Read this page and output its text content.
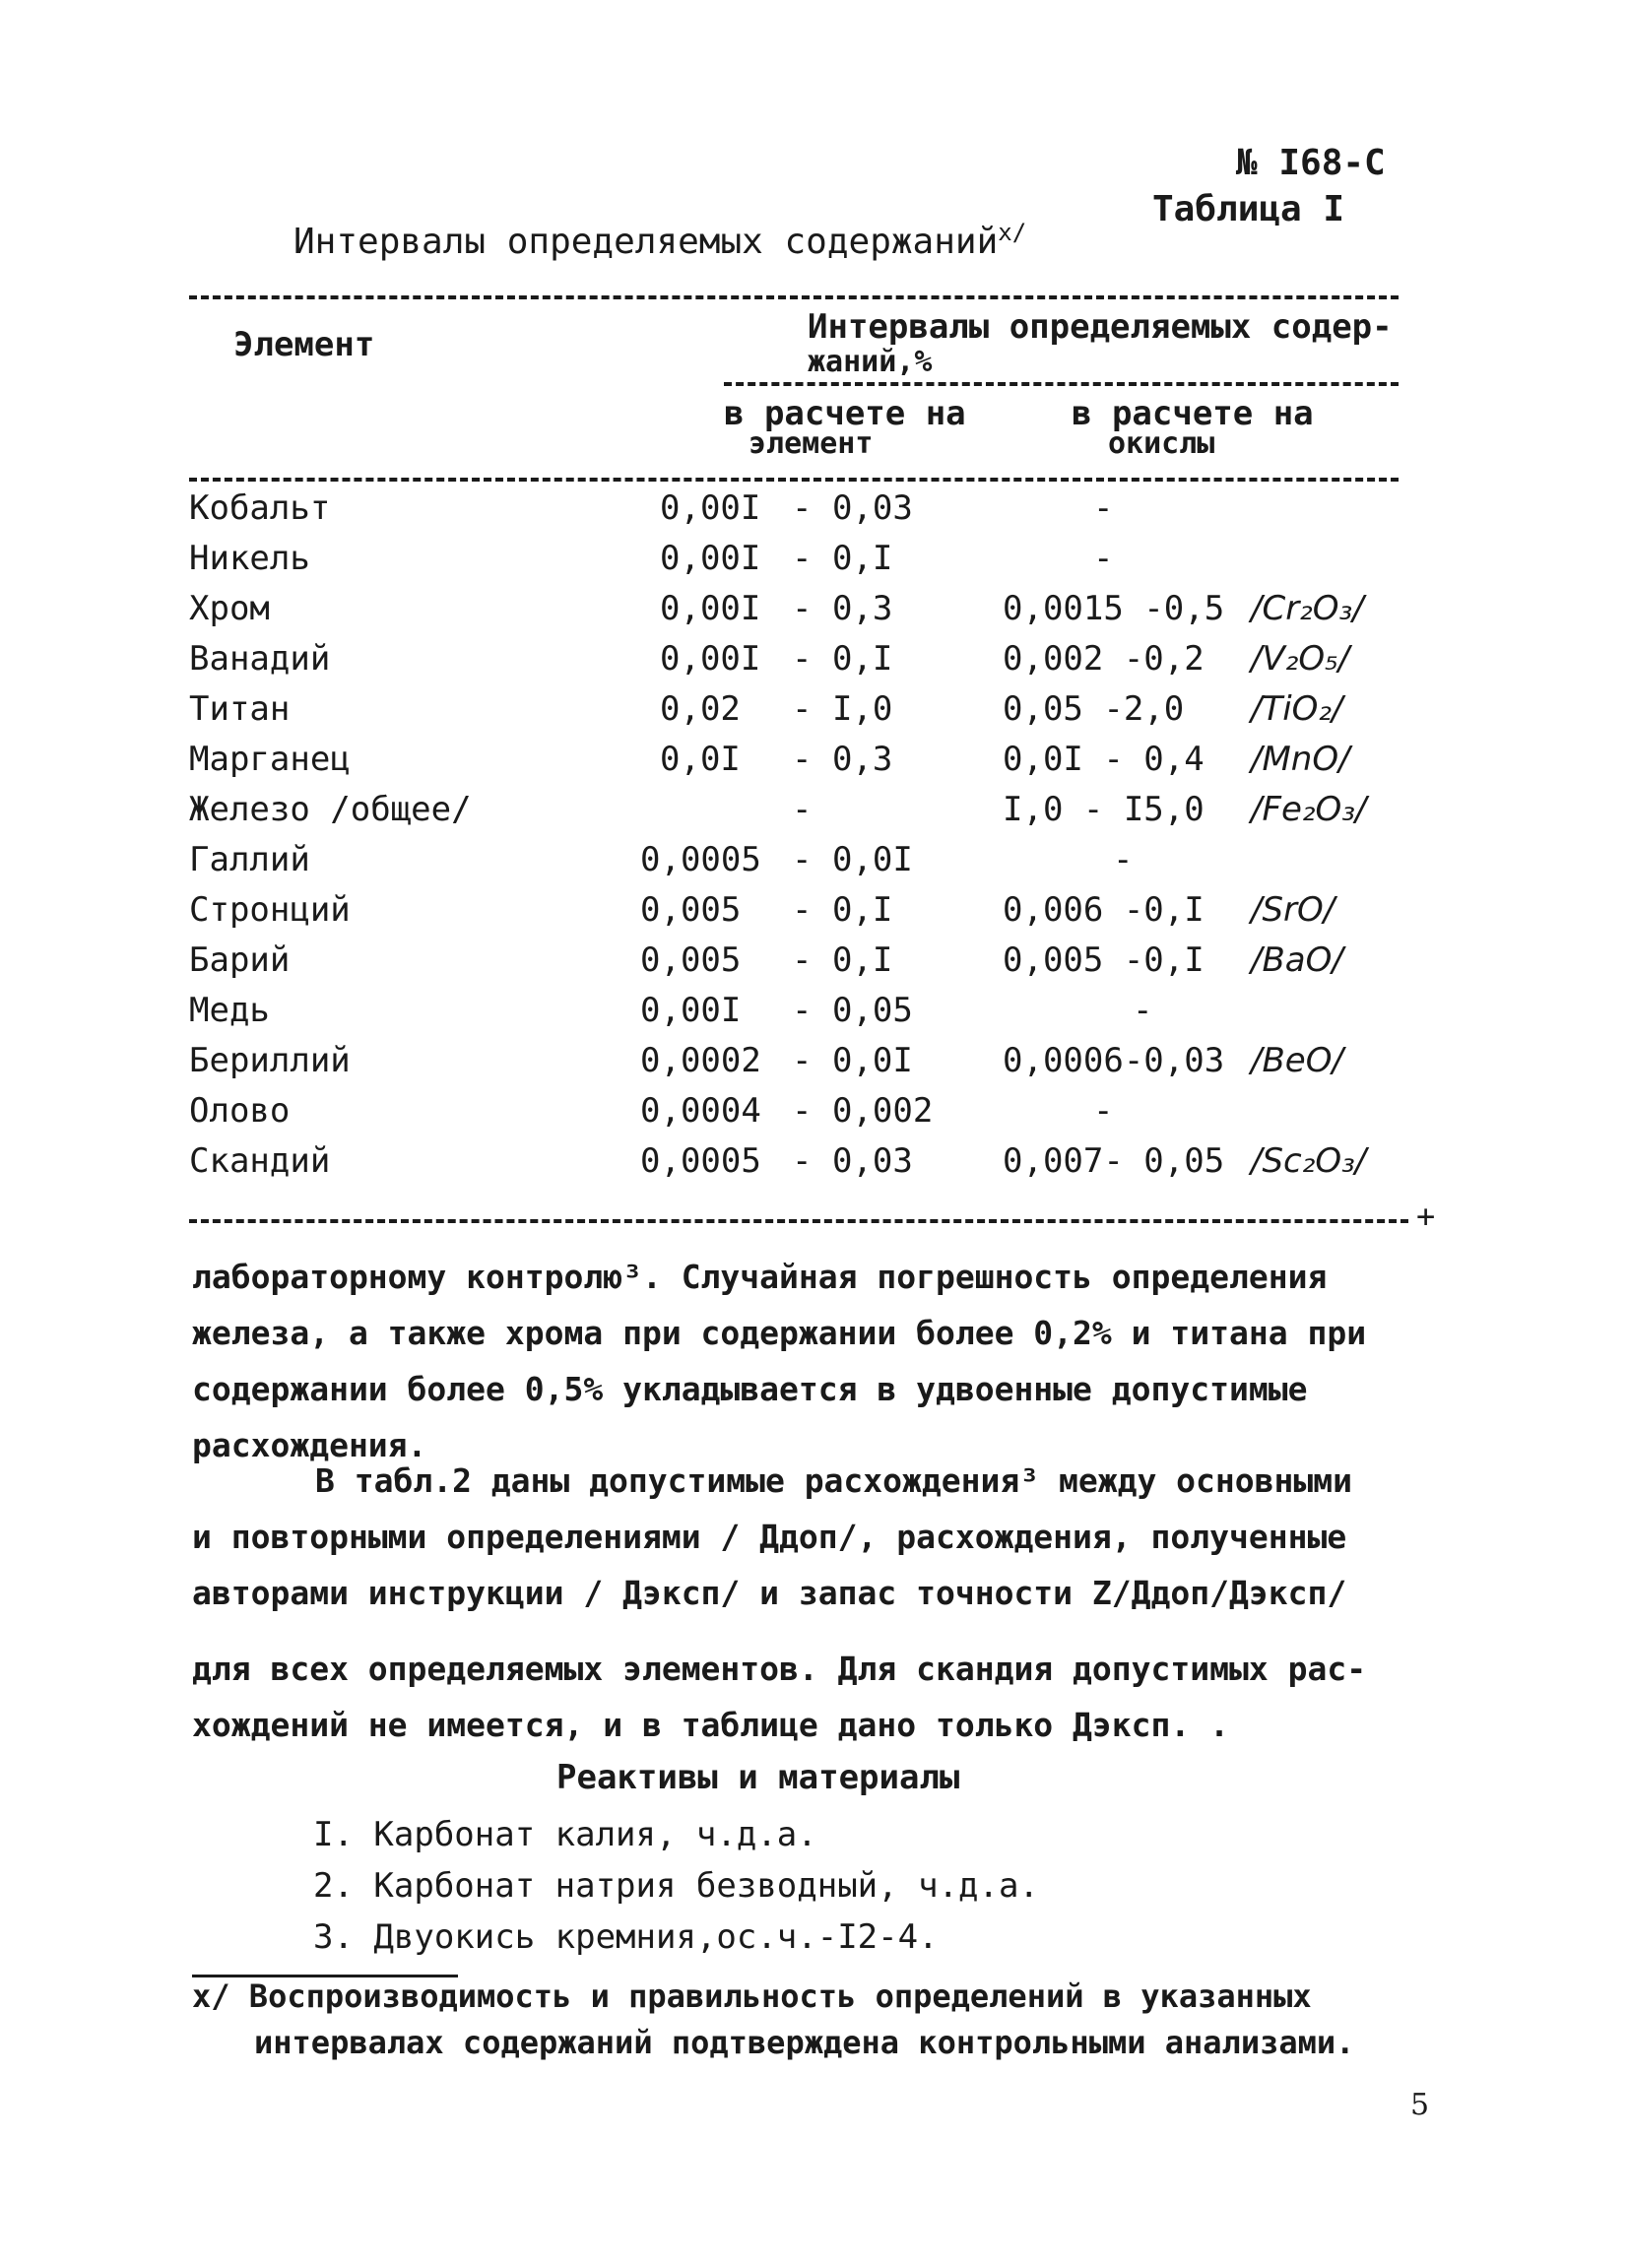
№ I68-С
Таблица I
Интервалы определяемых содержаний$^{x/}$
Элемент	Интервалы определяемых содер-
жаний,%
в расчете на
элемент
в расчете на
окислы
Кобальт	0,00I - 0,03	-
Никель	0,00I - 0,I	-
Хром	0,00I - 0,3	0,0015 -0,5 /Cr₂O₃/
Ванадий	0,00I - 0,I	0,002 -0,2 /V₂O₅/
Титан	0,02 - I,0	0,05 -2,0 /TiO₂/
Марганец	0,0I - 0,3	0,0I - 0,4 /MnO/
Железо /общее/	-	I,0 - I5,0 /Fe₂O₃/
Галлий	0,0005 - 0,0I	-
Стронций	0,005 - 0,I	0,006 -0,I /SrO/
Барий	0,005 - 0,I	0,005 -0,I /BaO/
Медь	0,00I - 0,05	-
Бериллий	0,0002 - 0,0I	0,0006-0,03 /BeO/
Олово	0,0004 - 0,002	-
Скандий	0,0005 - 0,03	0,007- 0,05 /Sc₂O₃/
+

лабораторному контролю³. Случайная погрешность определения

железа, а также хрома при содержании более 0,2% и титана при

содержании более 0,5% укладывается в удвоенные допустимые

расхождения.

В табл.2 даны допустимые расхождения³ между основными

и повторными определениями / Ддоп/, расхождения, полученные

авторами инструкции / Дэксп/ и запас точности Z/Ддоп/Дэксп/

для всех определяемых элементов. Для скандия допустимых рас-

хождений не имеется, и в таблице дано только Дэксп. .

Реактивы и материалы
I. Карбонат калия, ч.д.а.
2. Карбонат натрия безводный, ч.д.а.
3. Двуокись кремния,ос.ч.-I2-4.
x/ Воспроизводимость и правильность определений в указанных
интервалах содержаний подтверждена контрольными анализами.
5
